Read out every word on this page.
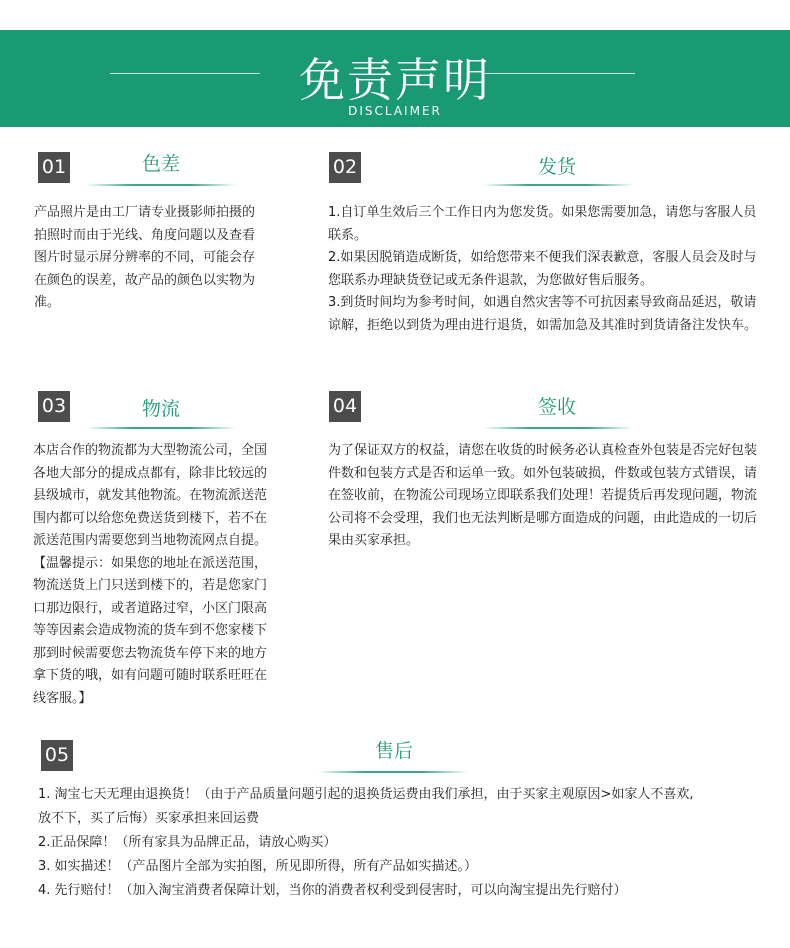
免责声明
DISCLAIMER
01	色差
产品照片是由工厂请专业摄影师拍摄的
拍照时而由于光线、角度问题以及查看
图片时显示屏分辨率的不同，可能会存
在颜色的误差，故产品的颜色以实物为
准。
02	发货
1.自订单生效后三个工作日内为您发货。如果您需要加急，请您与客服人员联系。
2.如果因脱销造成断货，如给您带来不便我们深表歉意，客服人员会及时与您联系办理缺货登记或无条件退款，为您做好售后服务。
3.到货时间均为参考时间，如遇自然灾害等不可抗因素导致商品延迟，敬请谅解，拒绝以到货为理由进行退货，如需加急及其准时到货请备注发快车。
03	物流
本店合作的物流都为大型物流公司，全国
各地大部分的提成点都有，除非比较远的
县级城市，就发其他物流。在物流派送范
围内都可以给您免费送货到楼下，若不在
派送范围内需要您到当地物流网点自提。
【温馨提示：如果您的地址在派送范围，
物流送货上门只送到楼下的，若是您家门
口那边限行，或者道路过窄，小区门限高
等等因素会造成物流的货车到不您家楼下
那到时候需要您去物流货车停下来的地方
拿下货的哦，如有问题可随时联系旺旺在
线客服。】
04	签收
为了保证双方的权益，请您在收货的时候务必认真检查外包装是否完好包装件数和包装方式是否和运单一致。如外包装破损，件数或包装方式错误，请在签收前，在物流公司现场立即联系我们处理！若提货后再发现问题，物流公司将不会受理，我们也无法判断是哪方面造成的问题，由此造成的一切后果由买家承担。
05	售后
1. 淘宝七天无理由退换货！（由于产品质量问题引起的退换货运费由我们承担，由于买家主观原因>如家人不喜欢,
放不下，买了后悔）买家承担来回运费
2.正品保障！（所有家具为品牌正品，请放心购买）
3. 如实描述！（产品图片全部为实拍图，所见即所得，所有产品如实描述。）
4. 先行赔付！（加入淘宝消费者保障计划，当你的消费者权利受到侵害时，可以向淘宝提出先行赔付）
